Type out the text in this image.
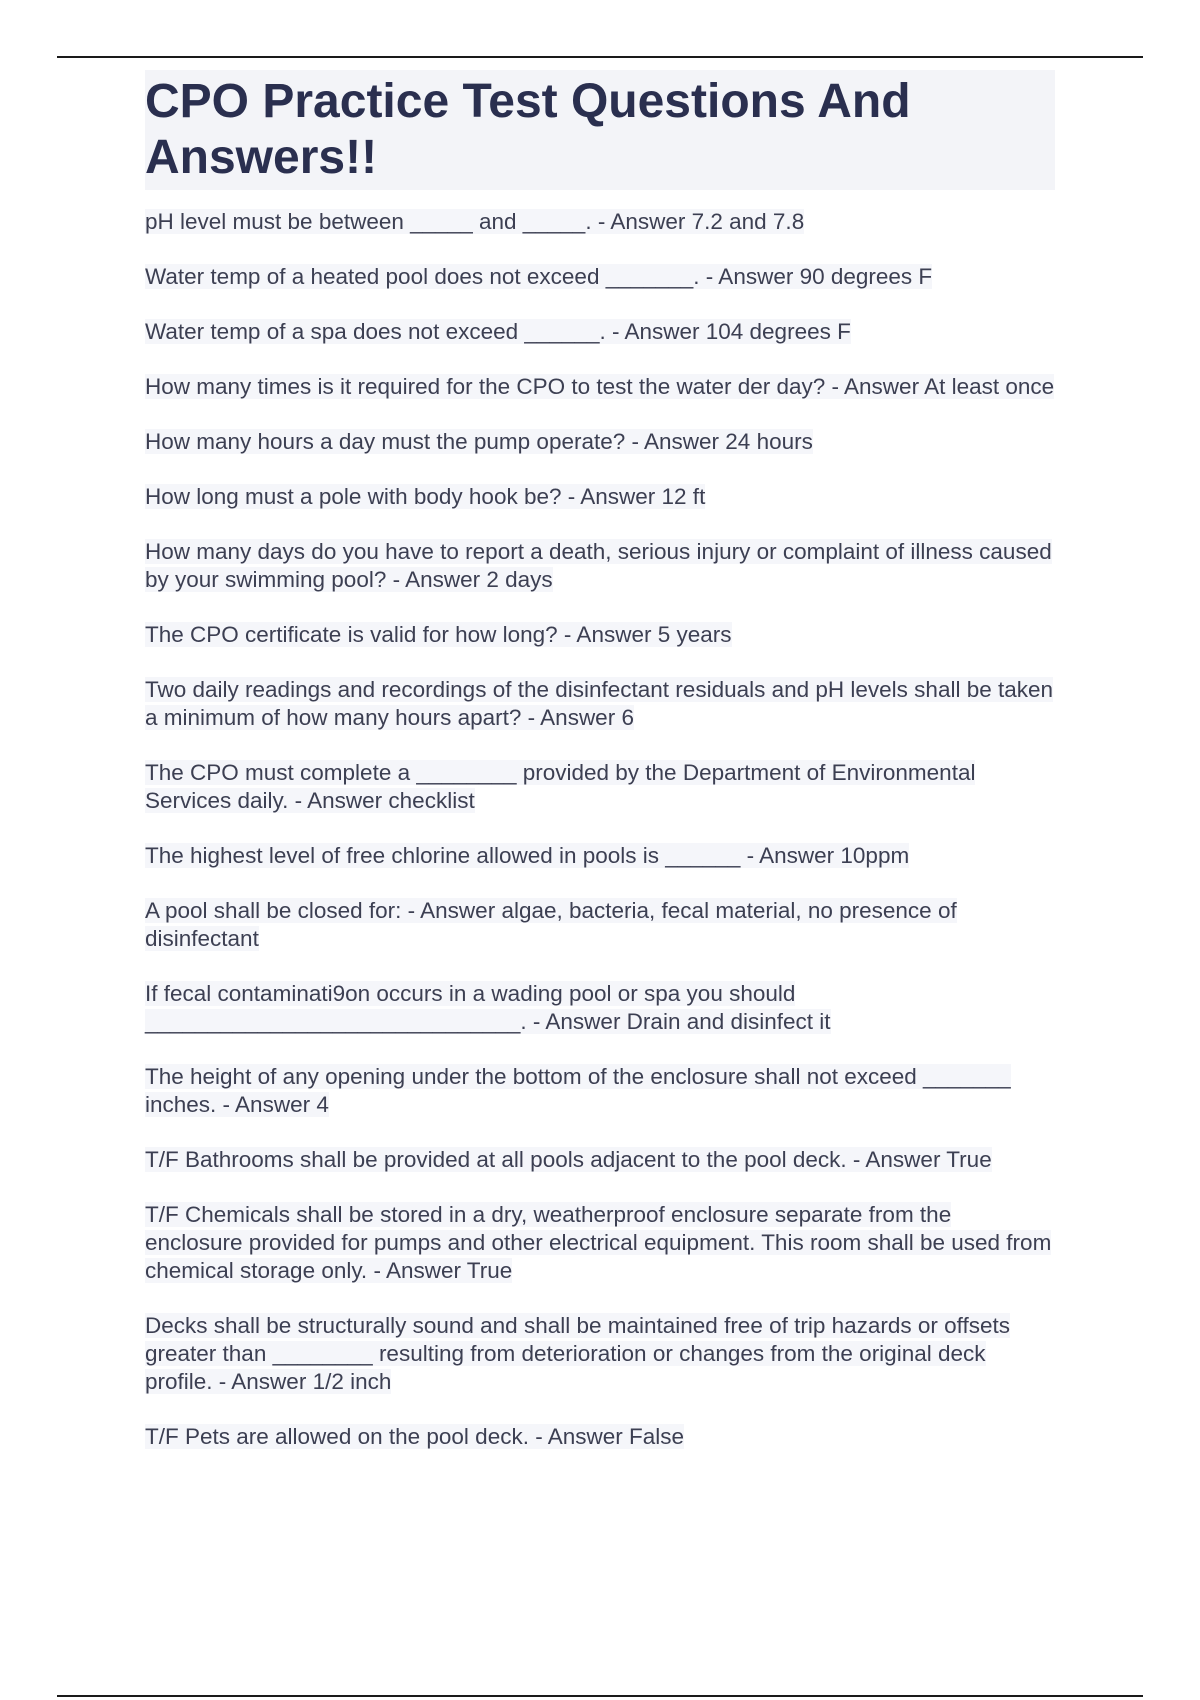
CPO Practice Test Questions And Answers!!

pH level must be between _____ and _____. - Answer 7.2 and 7.8

Water temp of a heated pool does not exceed _______. - Answer 90 degrees F

Water temp of a spa does not exceed ______. - Answer 104 degrees F

How many times is it required for the CPO to test the water der day? - Answer At least once

How many hours a day must the pump operate? - Answer 24 hours

How long must a pole with body hook be? - Answer 12 ft

How many days do you have to report a death, serious injury or complaint of illness caused by your swimming pool? - Answer 2 days

The CPO certificate is valid for how long? - Answer 5 years

Two daily readings and recordings of the disinfectant residuals and pH levels shall be taken a minimum of how many hours apart? - Answer 6

The CPO must complete a ________ provided by the Department of Environmental Services daily. - Answer checklist

The highest level of free chlorine allowed in pools is ______ - Answer 10ppm

A pool shall be closed for: - Answer algae, bacteria, fecal material, no presence of disinfectant

If fecal contaminati9on occurs in a wading pool or spa you should ______________________________. - Answer Drain and disinfect it

The height of any opening under the bottom of the enclosure shall not exceed _______ inches. - Answer 4

T/F Bathrooms shall be provided at all pools adjacent to the pool deck. - Answer True

T/F Chemicals shall be stored in a dry, weatherproof enclosure separate from the enclosure provided for pumps and other electrical equipment. This room shall be used from chemical storage only. - Answer True

Decks shall be structurally sound and shall be maintained free of trip hazards or offsets greater than ________ resulting from deterioration or changes from the original deck profile. - Answer 1/2 inch

T/F Pets are allowed on the pool deck. - Answer False
